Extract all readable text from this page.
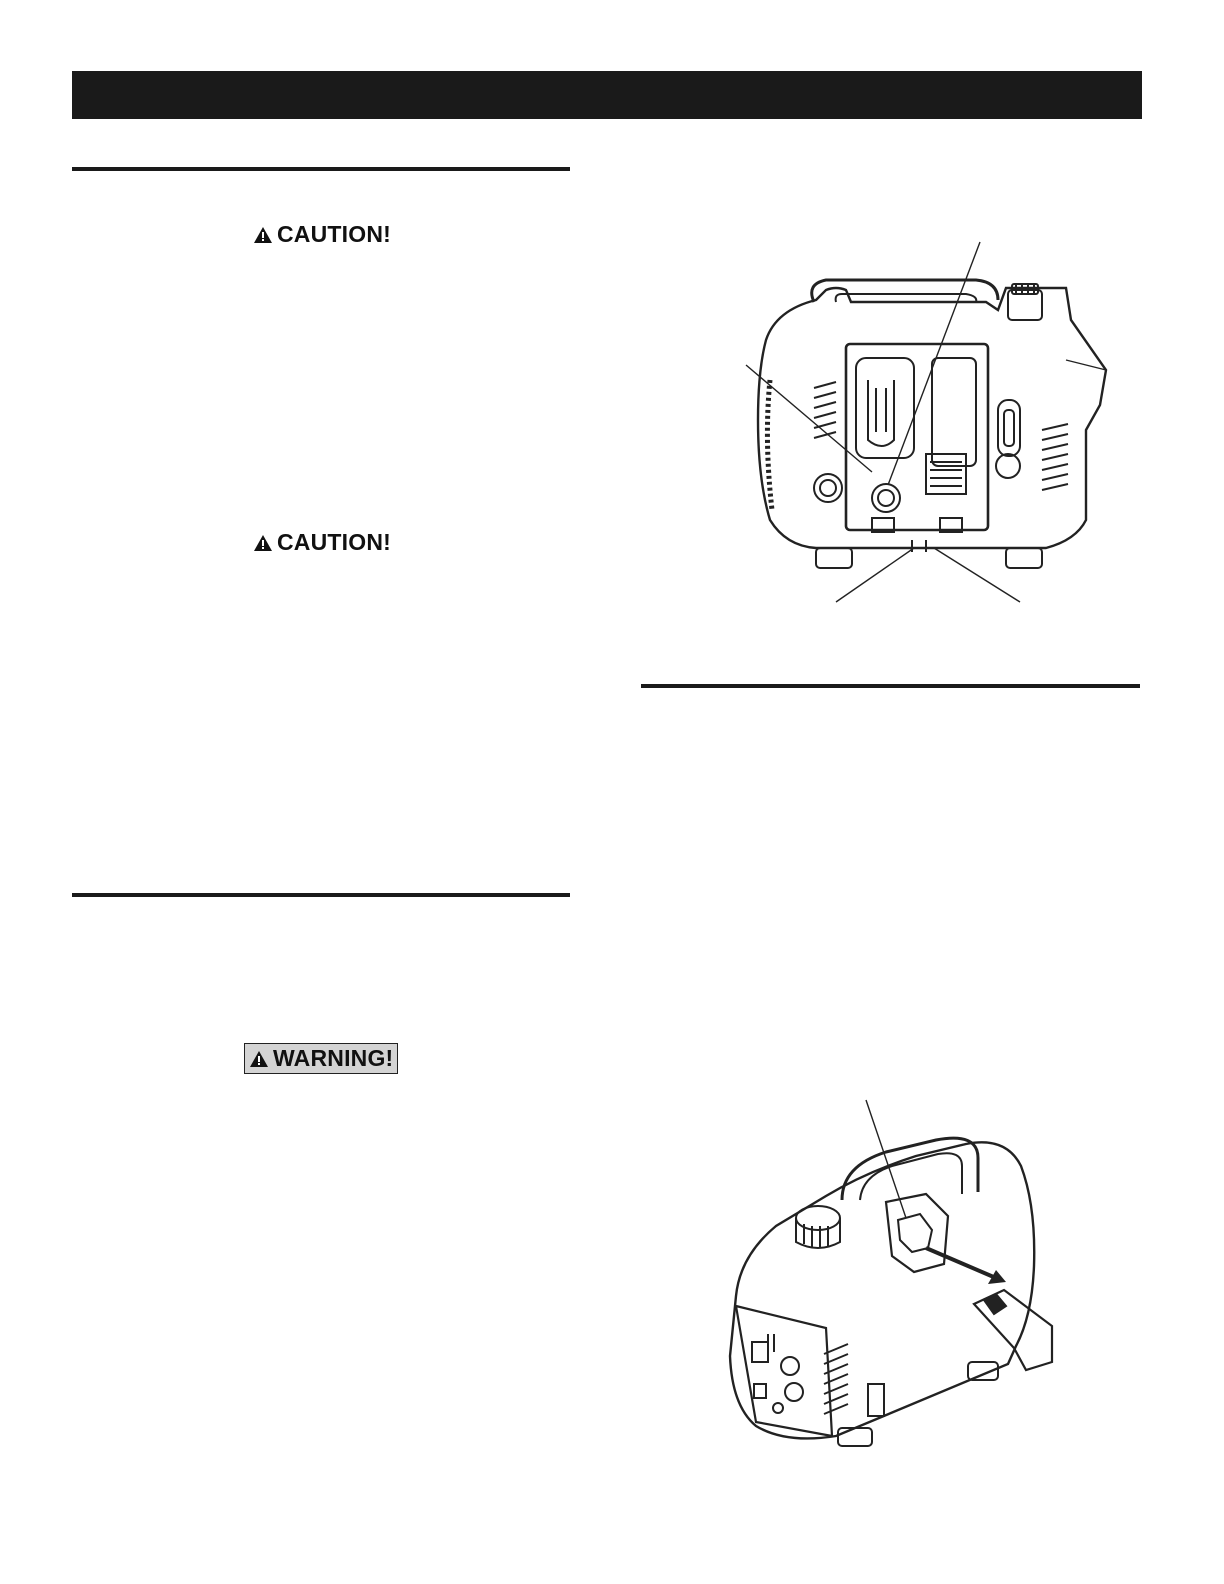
CAUTION!
CAUTION!
WARNING!
